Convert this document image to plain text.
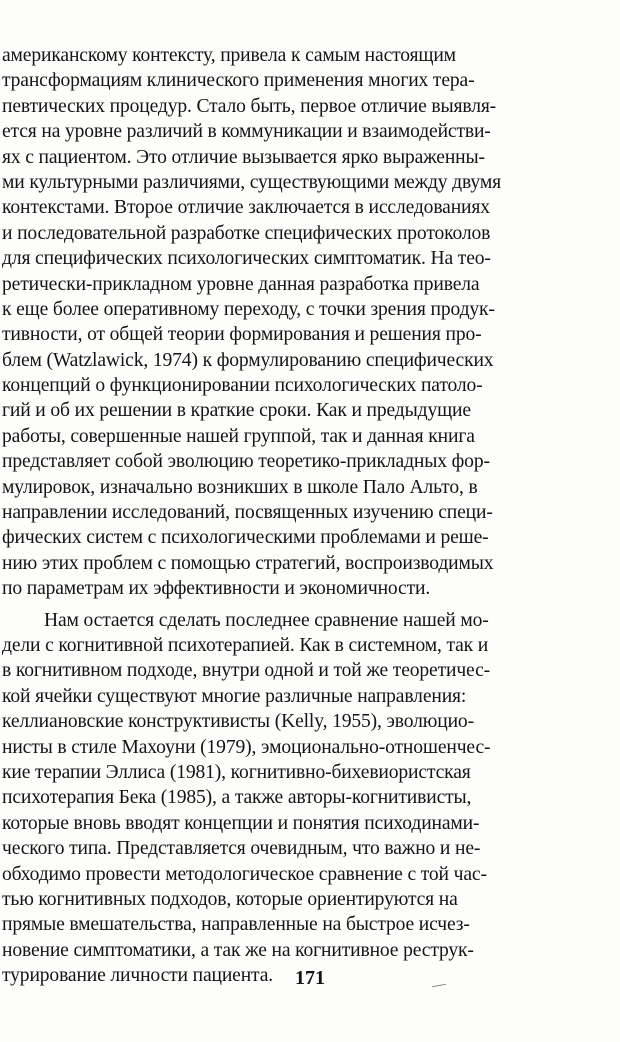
американскому контексту, привела к самым настоящим
трансформациям клинического применения многих тера-
певтических процедур. Стало быть, первое отличие выявля-
ется на уровне различий в коммуникации и взаимодействи-
ях с пациентом. Это отличие вызывается ярко выраженны-
ми культурными различиями, существующими между двумя
контекстами. Второе отличие заключается в исследованиях
и последовательной разработке специфических протоколов
для специфических психологических симптоматик. На тео-
ретически-прикладном уровне данная разработка привела
к еще более оперативному переходу, с точки зрения продук-
тивности, от общей теории формирования и решения про-
блем (Watzlawick, 1974) к формулированию специфических
концепций о функционировании психологических патоло-
гий и об их решении в краткие сроки. Как и предыдущие
работы, совершенные нашей группой, так и данная книга
представляет собой эволюцию теоретико-прикладных фор-
мулировок, изначально возникших в школе Пало Альто, в
направлении исследований, посвященных изучению специ-
фических систем с психологическими проблемами и реше-
нию этих проблем с помощью стратегий, воспроизводимых
по параметрам их эффективности и экономичности.
Нам остается сделать последнее сравнение нашей мо-
дели с когнитивной психотерапией. Как в системном, так и
в когнитивном подходе, внутри одной и той же теоретичес-
кой ячейки существуют многие различные направления:
келлиановские конструктивисты (Kelly, 1955), эволюцио-
нисты в стиле Махоуни (1979), эмоционально-отношенчес-
кие терапии Эллиса (1981), когнитивно-бихевиористская
психотерапия Бека (1985), а также авторы-когнитивисты,
которые вновь вводят концепции и понятия психодинами-
ческого типа. Представляется очевидным, что важно и не-
обходимо провести методологическое сравнение с той час-
тью когнитивных подходов, которые ориентируются на
прямые вмешательства, направленные на быстрое исчез-
новение симптоматики, а так же на когнитивное реструк-
турирование личности пациента.	171
